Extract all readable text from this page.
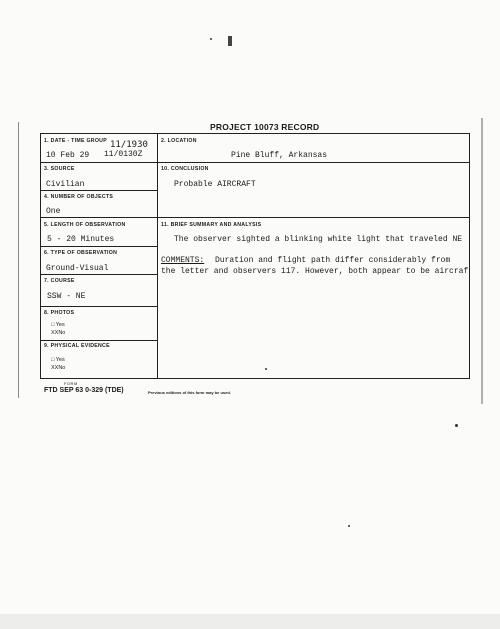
PROJECT 10073 RECORD
1. DATE - TIME GROUP 11/1930
10 Feb 29 11/0130Z
2. LOCATION
Pine Bluff, Arkansas
3. SOURCE
Civilian
10. CONCLUSION
Probable AIRCRAFT
4. NUMBER OF OBJECTS
One
5. LENGTH OF OBSERVATION
5 - 20 Minutes
11. BRIEF SUMMARY AND ANALYSIS
The observer sighted a blinking white light that traveled NE
6. TYPE OF OBSERVATION
Ground-Visual
COMMENTS: Duration and flight path differ considerably from
the letter and observers 117. However, both appear to be aircraf
7. COURSE
SSW - NE
8. PHOTOS
□ Yes
XXNo
9. PHYSICAL EVIDENCE
□ Yes
XXNo
FORM
FTD SEP 63 0-329 (TDE)	Previous editions of this form may be used.
